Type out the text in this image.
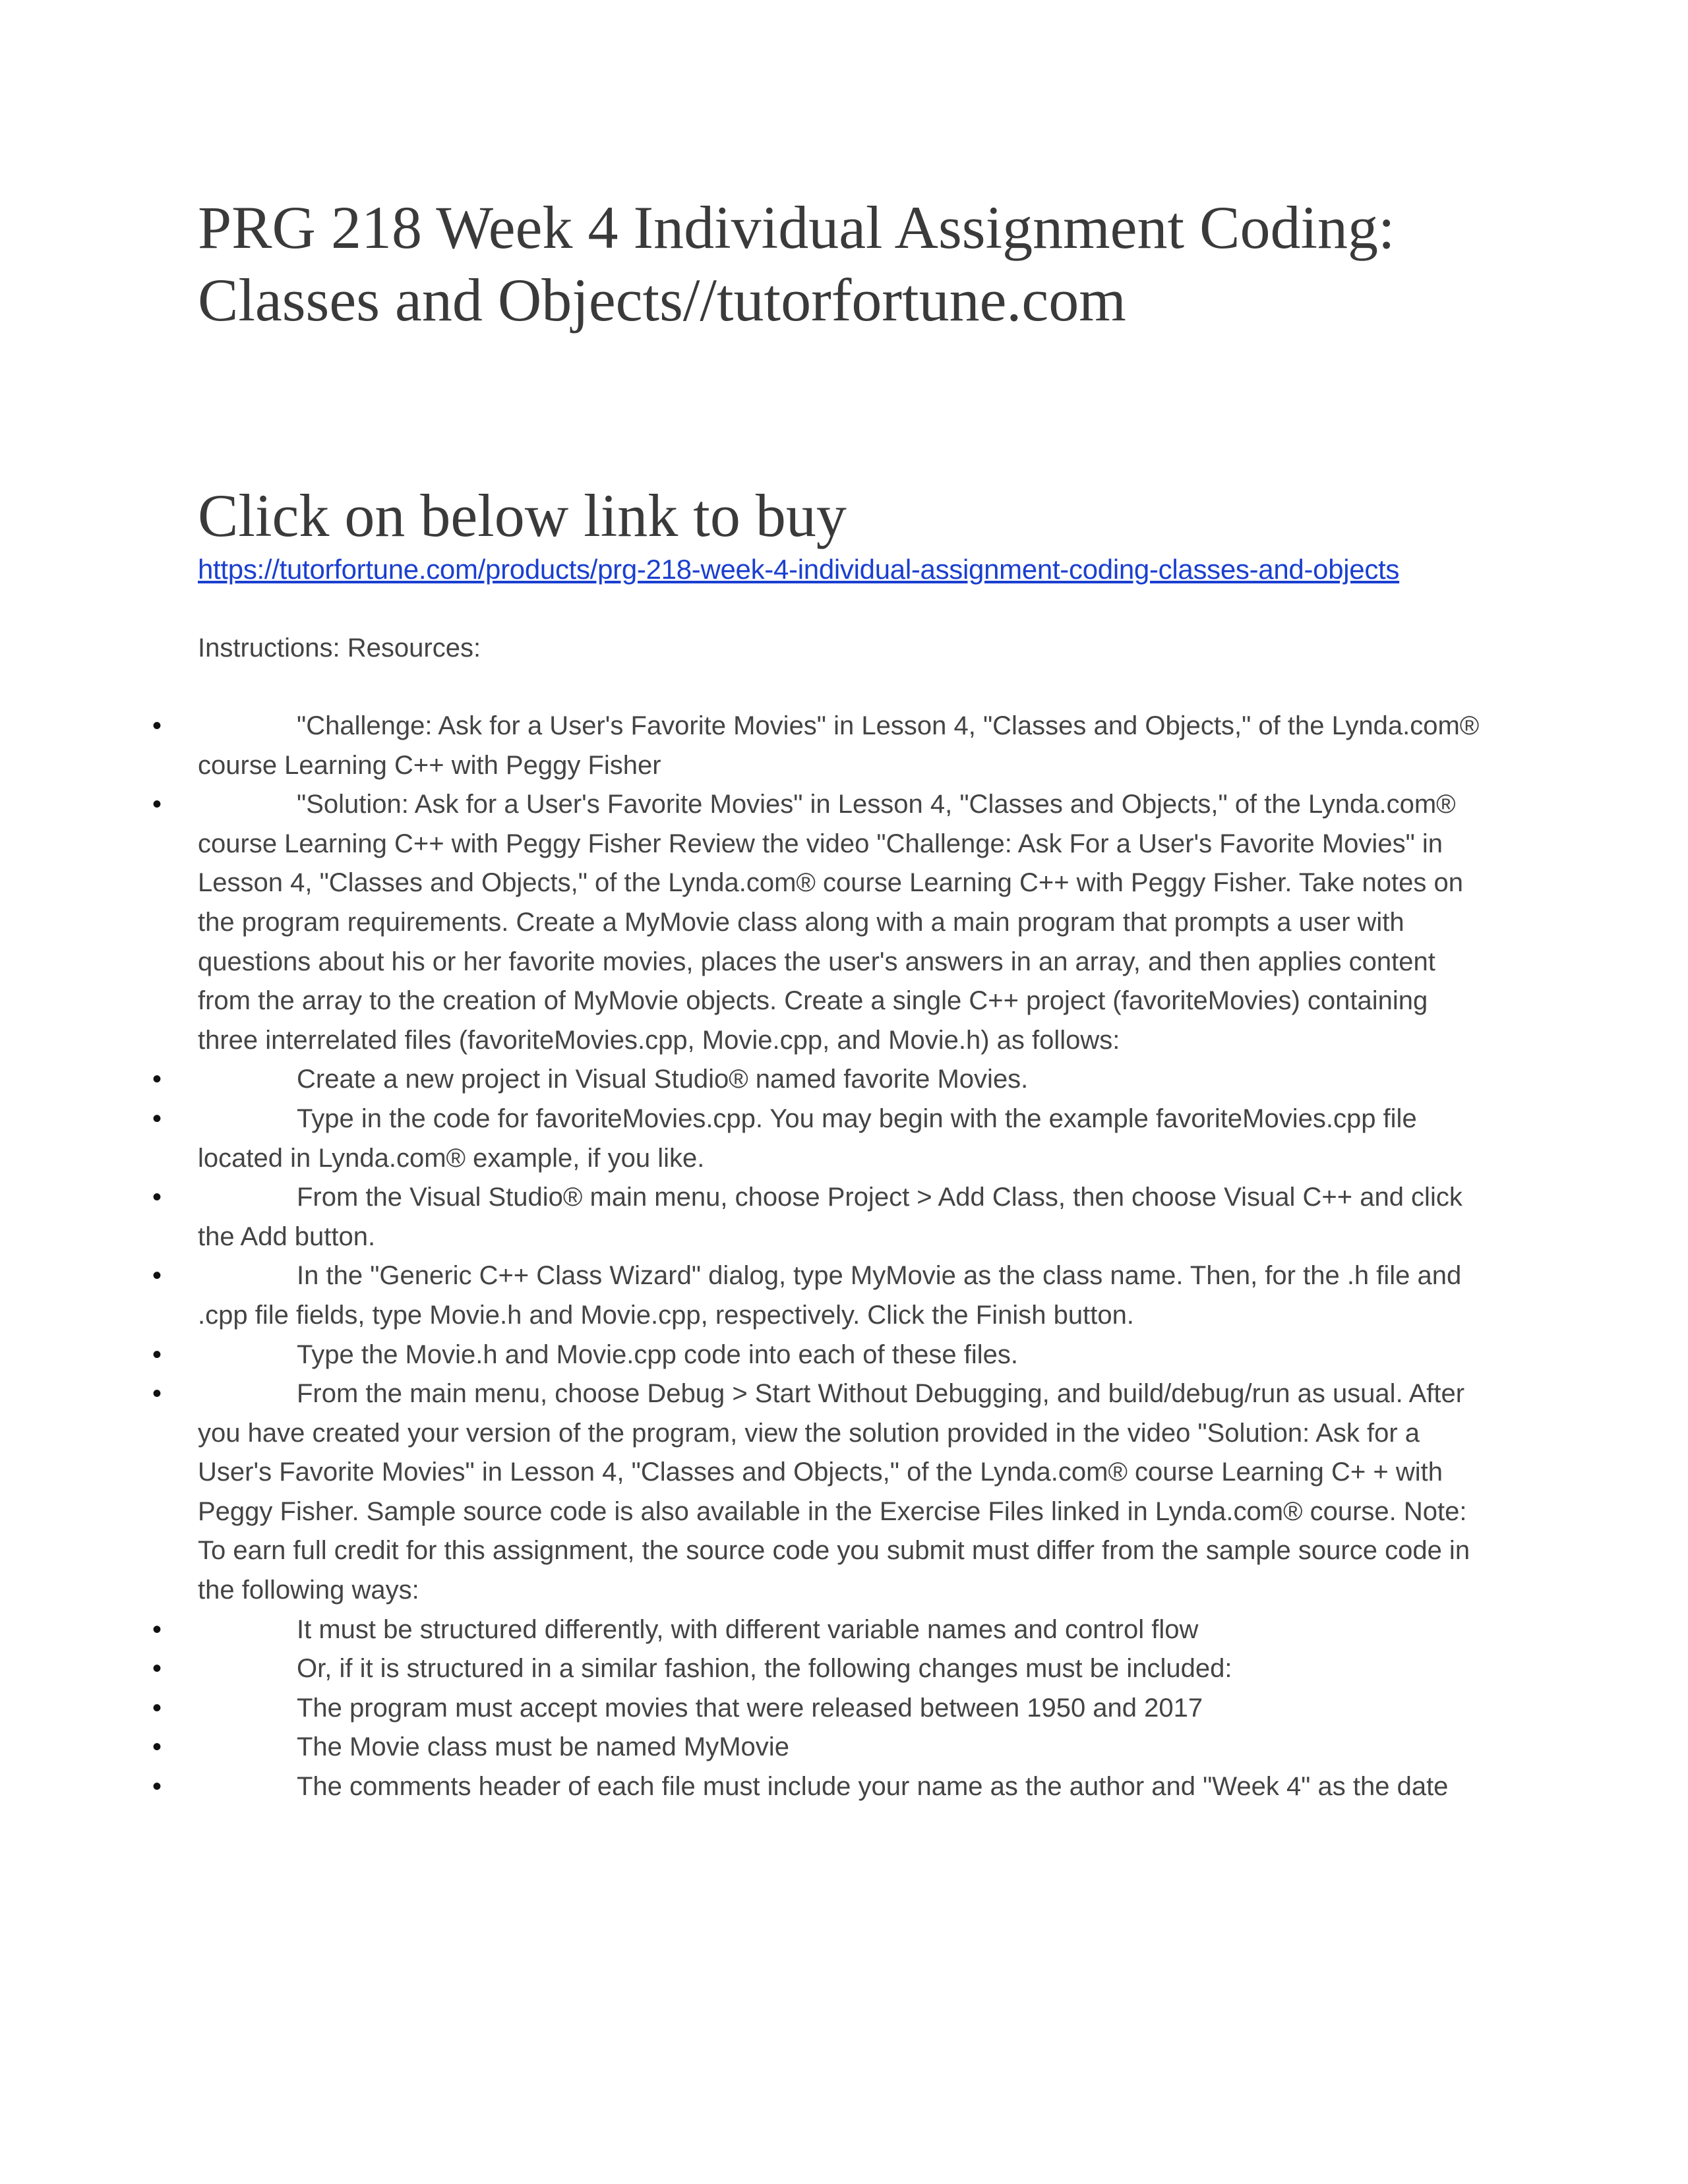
PRG 218 Week 4 Individual Assignment Coding: Classes and Objects//tutorfortune.com
Click on below link to buy
https://tutorfortune.com/products/prg-218-week-4-individual-assignment-coding-classes-and-objects

Instructions: Resources:

•	"Challenge: Ask for a User's Favorite Movies" in Lesson 4, "Classes and Objects," of the Lynda.com® course Learning C++ with Peggy Fisher

•	"Solution: Ask for a User's Favorite Movies" in Lesson 4, "Classes and Objects," of the Lynda.com® course Learning C++ with Peggy Fisher Review the video "Challenge: Ask For a User's Favorite Movies" in Lesson 4, "Classes and Objects," of the Lynda.com® course Learning C++ with Peggy Fisher. Take notes on the program requirements. Create a MyMovie class along with a main program that prompts a user with questions about his or her favorite movies, places the user's answers in an array, and then applies content from the array to the creation of MyMovie objects. Create a single C++ project (favoriteMovies) containing three interrelated files (favoriteMovies.cpp, Movie.cpp, and Movie.h) as follows:

•	Create a new project in Visual Studio® named favorite Movies.

•	Type in the code for favoriteMovies.cpp. You may begin with the example favoriteMovies.cpp file located in Lynda.com® example, if you like.

•	From the Visual Studio® main menu, choose Project > Add Class, then choose Visual C++ and click the Add button.

•	In the "Generic C++ Class Wizard" dialog, type MyMovie as the class name. Then, for the .h file and .cpp file fields, type Movie.h and Movie.cpp, respectively. Click the Finish button.

•	Type the Movie.h and Movie.cpp code into each of these files.

•	From the main menu, choose Debug > Start Without Debugging, and build/debug/run as usual. After you have created your version of the program, view the solution provided in the video "Solution: Ask for a User's Favorite Movies" in Lesson 4, "Classes and Objects," of the Lynda.com® course Learning C+ + with Peggy Fisher. Sample source code is also available in the Exercise Files linked in Lynda.com® course. Note: To earn full credit for this assignment, the source code you submit must differ from the sample source code in the following ways:

•	It must be structured differently, with different variable names and control flow

•	Or, if it is structured in a similar fashion, the following changes must be included:

•	The program must accept movies that were released between 1950 and 2017

•	The Movie class must be named MyMovie

•	The comments header of each file must include your name as the author and "Week 4" as the date
